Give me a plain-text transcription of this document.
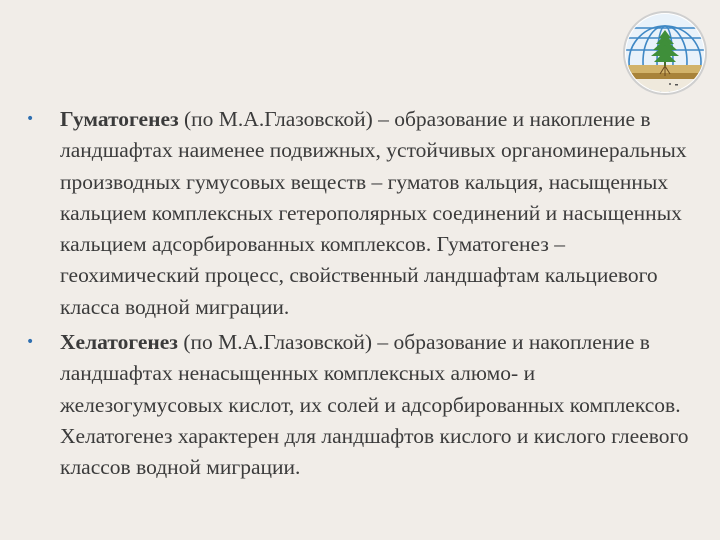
• Гуматогенез (по М.А.Глазовской) – образование и накопление в ландшафтах наименее подвижных, устойчивых органоминеральных производных гумусовых веществ – гуматов кальция, насыщенных кальцием комплексных гетерополярных соединений и насыщенных кальцием адсорбированных комплексов. Гуматогенез – геохимический процесс, свойственный ландшафтам кальциевого класса водной миграции.
• Хелатогенез (по М.А.Глазовской) – образование и накопление в ландшафтах ненасыщенных комплексных алюмо- и железогумусовых кислот, их солей и адсорбированных комплексов. Хелатогенез характерен для ландшафтов кислого и кислого глеевого классов водной миграции.
